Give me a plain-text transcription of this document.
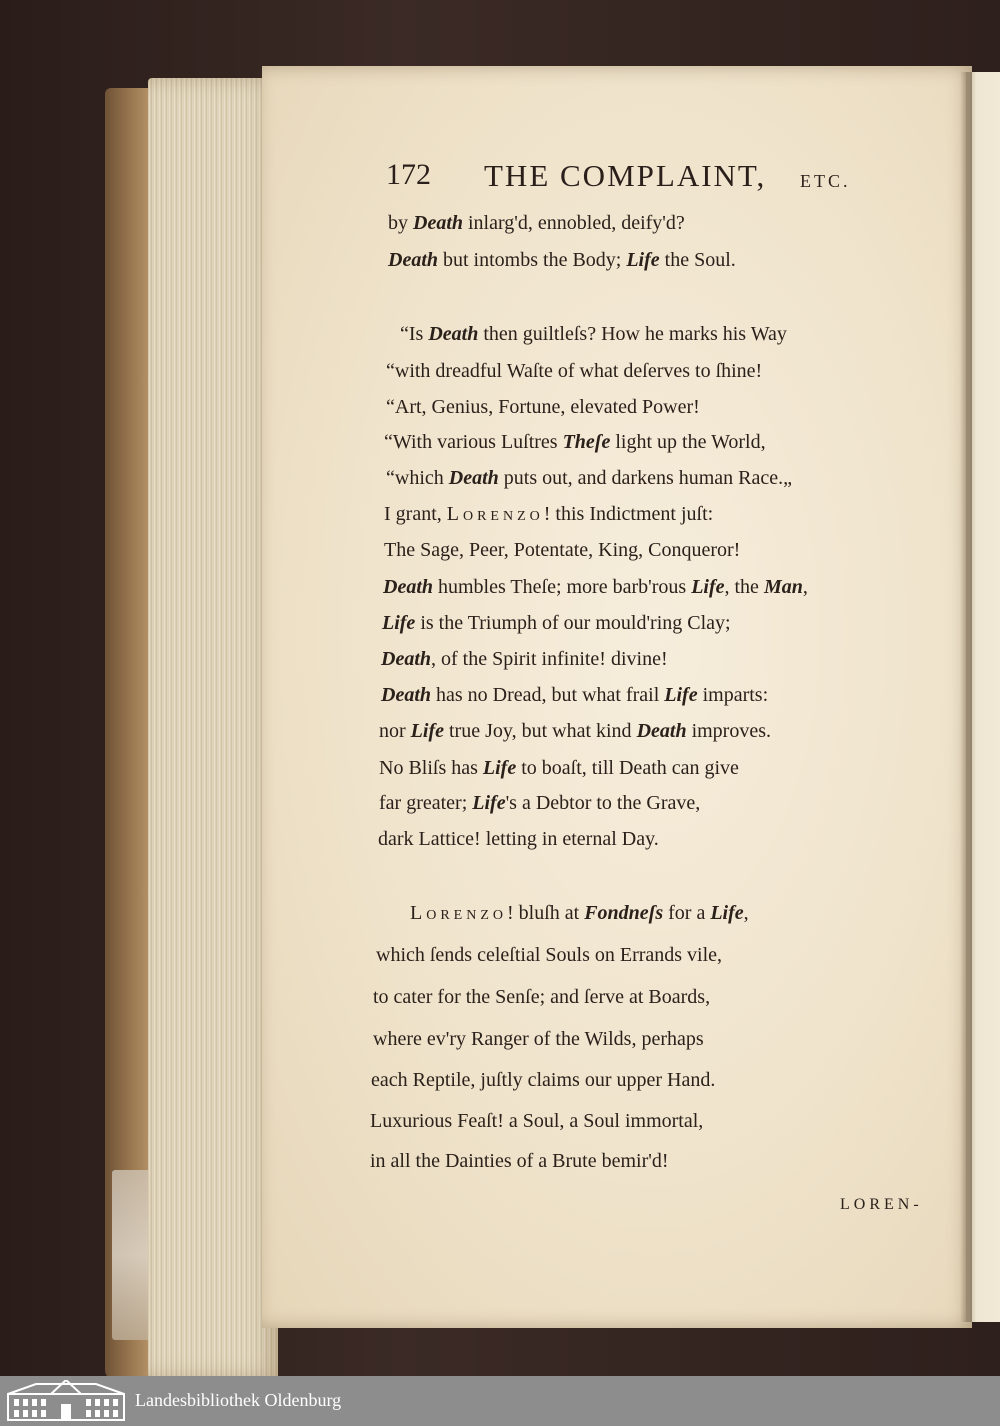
172 THE COMPLAINT, ETC.
by Death inlarg'd, ennobled, deify'd?
Death but intombs the Body; Life the Soul.
“Is Death then guiltleſs? How he marks his Way
“with dreadful Waſte of what deſerves to ſhine!
“Art, Genius, Fortune, elevated Power!
“With various Luſtres Theſe light up the World,
“which Death puts out, and darkens human Race.„
I grant, Lorenzo! this Indictment juſt:
The Sage, Peer, Potentate, King, Conqueror!
Death humbles Theſe; more barb'rous Life, the Man,
Life is the Triumph of our mould'ring Clay;
Death, of the Spirit infinite! divine!
Death has no Dread, but what frail Life imparts:
nor Life true Joy, but what kind Death improves.
No Bliſs has Life to boaſt, till Death can give
far greater; Life's a Debtor to the Grave,
dark Lattice! letting in eternal Day.
Lorenzo! bluſh at Fondneſs for a Life,
which ſends celeſtial Souls on Errands vile,
to cater for the Senſe; and ſerve at Boards,
where ev'ry Ranger of the Wilds, perhaps
each Reptile, juſtly claims our upper Hand.
Luxurious Feaſt! a Soul, a Soul immortal,
in all the Dainties of a Brute bemir'd!
LOREN-
Landesbibliothek Oldenburg
